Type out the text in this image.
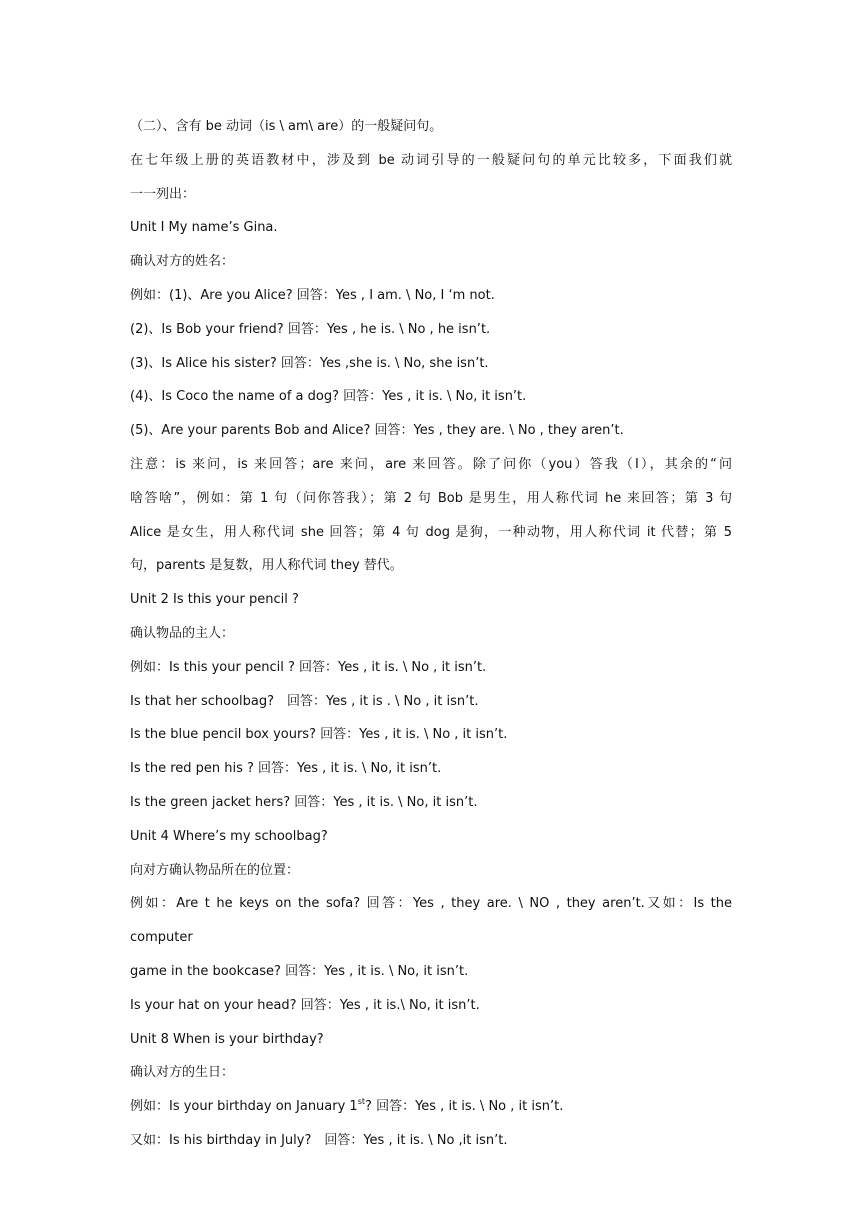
（二）、含有 be 动词（is \ am\ are）的一般疑问句。

在七年级上册的英语教材中，涉及到 be 动词引导的一般疑问句的单元比较多，下面我们就

一一列出：

Unit I My name’s Gina.

确认对方的姓名：

例如：(1)、Are you Alice? 回答：Yes , I am. \ No, I ‘m not.

(2)、Is Bob your friend? 回答：Yes , he is. \ No , he isn’t.

(3)、Is Alice his sister? 回答：Yes ,she is. \ No, she isn’t.

(4)、Is Coco the name of a dog? 回答：Yes , it is. \ No, it isn’t.

(5)、Are your parents Bob and Alice? 回答：Yes , they are. \ No , they aren’t.

注意：is 来问，is 来回答；are 来问，are 来回答。除了问你（you）答我（I），其余的“问

啥答啥”，例如：第 1 句（问你答我）；第 2 句 Bob 是男生，用人称代词 he 来回答；第 3 句

Alice 是女生，用人称代词 she 回答；第 4 句 dog 是狗，一种动物，用人称代词 it 代替；第 5

句，parents 是复数，用人称代词 they 替代。

Unit 2 Is this your pencil ?

确认物品的主人：

例如：Is this your pencil ? 回答：Yes , it is. \ No , it isn’t.

Is that her schoolbag?　回答：Yes , it is . \ No , it isn’t.

Is the blue pencil box yours? 回答：Yes , it is. \ No , it isn’t.

Is the red pen his ? 回答：Yes , it is. \ No, it isn’t.

Is the green jacket hers? 回答：Yes , it is. \ No, it isn’t.

Unit 4 Where’s my schoolbag?

向对方确认物品所在的位置：

例如：Are t he keys on the sofa? 回答：Yes , they are. \ NO , they aren’t.又如：Is the computer

game in the bookcase? 回答：Yes , it is. \ No, it isn’t.

Is your hat on your head? 回答：Yes , it is.\ No, it isn’t.

Unit 8 When is your birthday?

确认对方的生日：

例如：Is your birthday on January 1st? 回答：Yes , it is. \ No , it isn’t.

又如：Is his birthday in July?　回答：Yes , it is. \ No ,it isn’t.
